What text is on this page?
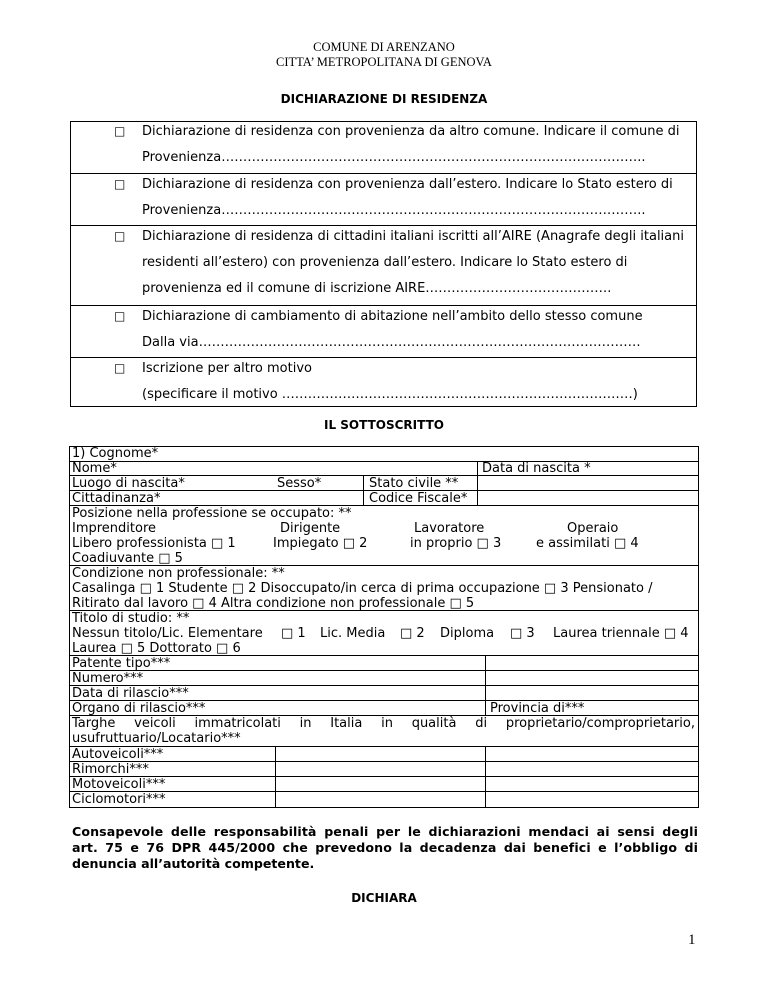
COMUNE DI ARENZANO
CITTA’ METROPOLITANA DI GENOVA
DICHIARAZIONE DI RESIDENZA
□ Dichiarazione di residenza con provenienza da altro comune. Indicare il comune di
Provenienza……………………………………………………………………………………..
□ Dichiarazione di residenza con provenienza dall’estero. Indicare lo Stato estero di
Provenienza……………………………………………………………………………………..
□ Dichiarazione di residenza di cittadini italiani iscritti all’AIRE (Anagrafe degli italiani
residenti all’estero) con provenienza dall’estero. Indicare lo Stato estero di
provenienza ed il comune di iscrizione AIRE…………………………………….
□ Dichiarazione di cambiamento di abitazione nell’ambito dello stesso comune
Dalla via…………………………………………………………………………………………
□ Iscrizione per altro motivo
(specificare il motivo ………………………………………………………………………)
IL SOTTOSCRITTO
1) Cognome*
Nome*	Data di nascita *
Luogo di nascita*	Sesso*	Stato civile **
Cittadinanza*	Codice Fiscale*
Posizione nella professione se occupato: **
Imprenditore	Dirigente	Lavoratore	Operaio
Libero professionista □ 1	Impiegato □ 2	in proprio □ 3	e assimilati □ 4
Coadiuvante □ 5
Condizione non professionale: **
Casalinga □ 1 Studente □ 2 Disoccupato/in cerca di prima occupazione □ 3 Pensionato /
Ritirato dal lavoro □ 4 Altra condizione non professionale □ 5
Titolo di studio: **
Nessun titolo/Lic. Elementare □ 1 Lic. Media □ 2 Diploma □ 3 Laurea triennale □ 4
Laurea □ 5 Dottorato □ 6
Patente tipo***
Numero***
Data di rilascio***
Organo di rilascio***	Provincia di***
Targhe veicoli immatricolati in Italia in qualità di proprietario/comproprietario,
usufruttuario/Locatario***
Autoveicoli***
Rimorchi***
Motoveicoli***
Ciclomotori***
Consapevole delle responsabilità penali per le dichiarazioni mendaci ai sensi degli
art. 75 e 76 DPR 445/2000 che prevedono la decadenza dai benefici e l’obbligo di
denuncia all’autorità competente.
DICHIARA
1
